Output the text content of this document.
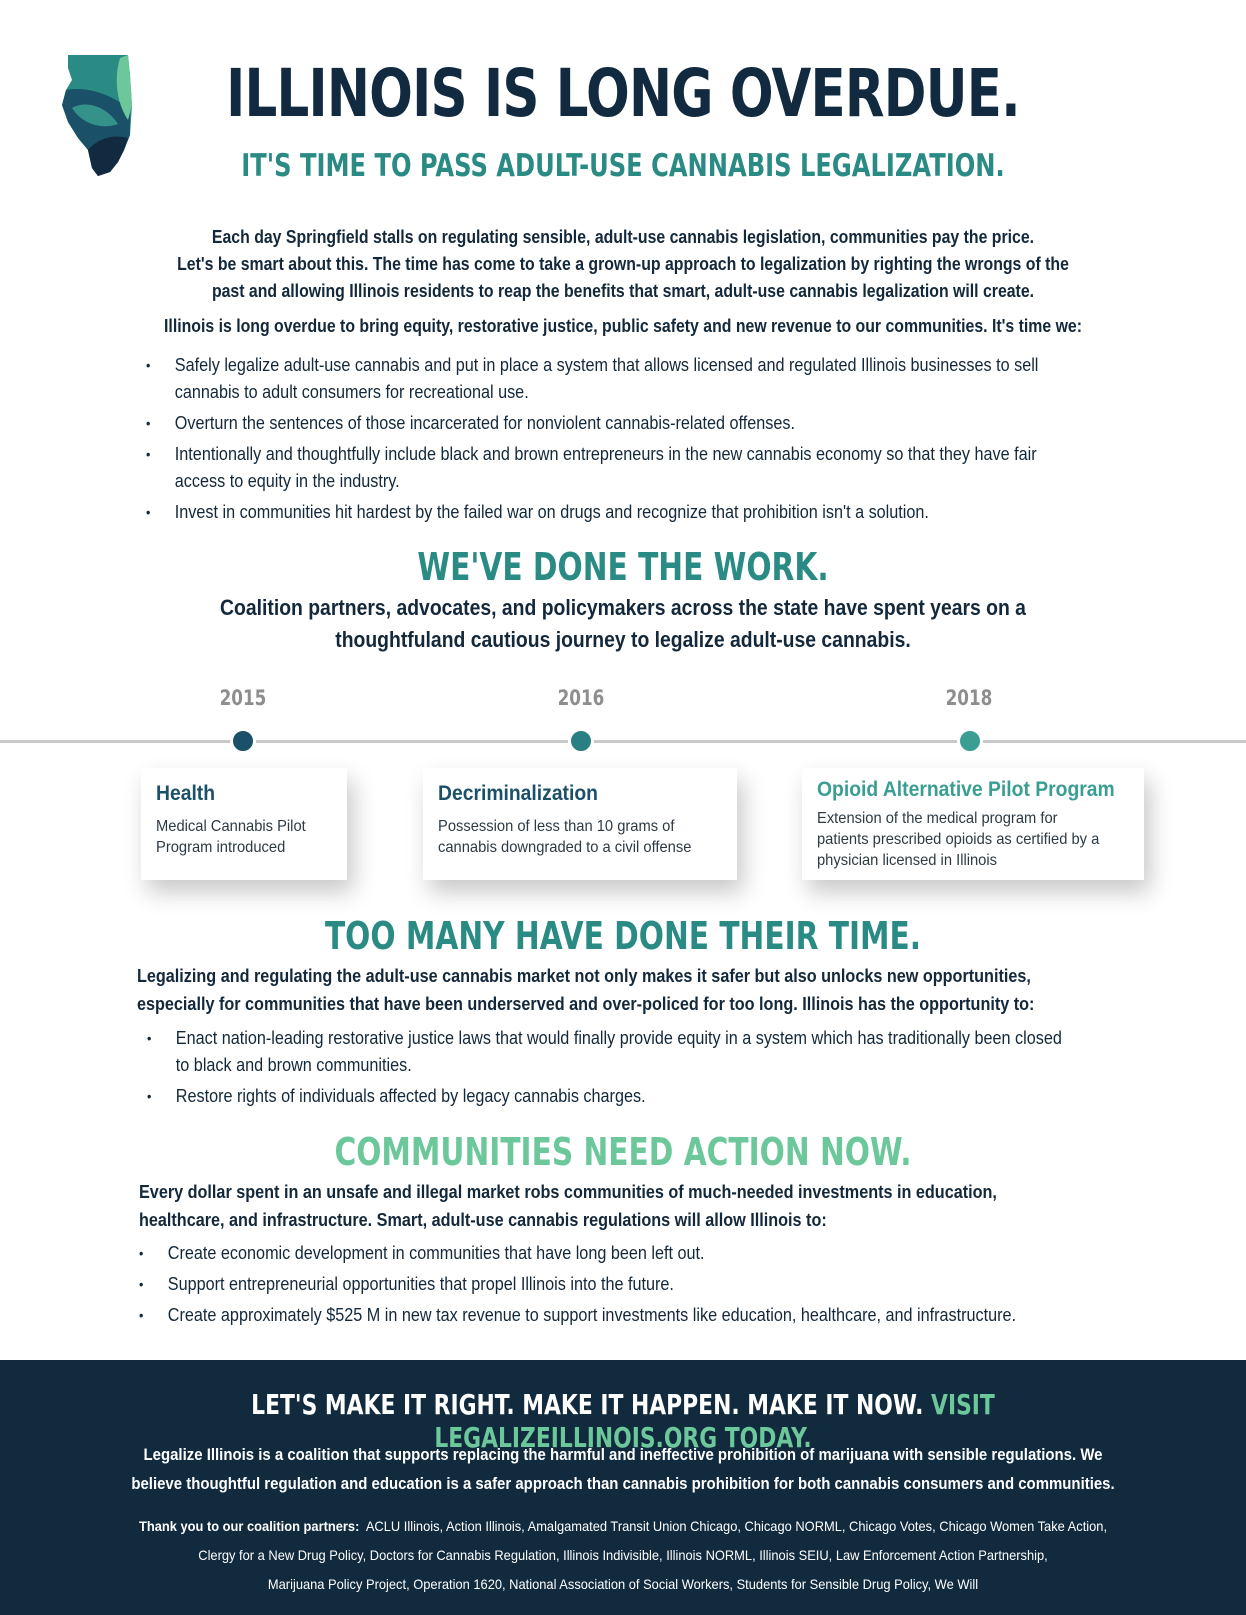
ILLINOIS IS LONG OVERDUE.
IT'S TIME TO PASS ADULT-USE CANNABIS LEGALIZATION.
Each day Springfield stalls on regulating sensible, adult-use cannabis legislation, communities pay the price.
Let's be smart about this. The time has come to take a grown-up approach to legalization by righting the wrongs of the
past and allowing Illinois residents to reap the benefits that smart, adult-use cannabis legalization will create.
Illinois is long overdue to bring equity, restorative justice, public safety and new revenue to our communities. It's time we:
• Safely legalize adult-use cannabis and put in place a system that allows licensed and regulated Illinois businesses to sell cannabis to adult consumers for recreational use.
• Overturn the sentences of those incarcerated for nonviolent cannabis-related offenses.
• Intentionally and thoughtfully include black and brown entrepreneurs in the new cannabis economy so that they have fair access to equity in the industry.
• Invest in communities hit hardest by the failed war on drugs and recognize that prohibition isn't a solution.
WE'VE DONE THE WORK.
Coalition partners, advocates, and policymakers across the state have spent years on a
thoughtfuland cautious journey to legalize adult-use cannabis.
2015	2016	2018
Health
Medical Cannabis Pilot Program introduced
Decriminalization
Possession of less than 10 grams of cannabis downgraded to a civil offense
Opioid Alternative Pilot Program
Extension of the medical program for patients prescribed opioids as certified by a physician licensed in Illinois
TOO MANY HAVE DONE THEIR TIME.
Legalizing and regulating the adult-use cannabis market not only makes it safer but also unlocks new opportunities, especially for communities that have been underserved and over-policed for too long. Illinois has the opportunity to:
• Enact nation-leading restorative justice laws that would finally provide equity in a system which has traditionally been closed to black and brown communities.
• Restore rights of individuals affected by legacy cannabis charges.
COMMUNITIES NEED ACTION NOW.
Every dollar spent in an unsafe and illegal market robs communities of much-needed investments in education, healthcare, and infrastructure. Smart, adult-use cannabis regulations will allow Illinois to:
• Create economic development in communities that have long been left out.
• Support entrepreneurial opportunities that propel Illinois into the future.
• Create approximately $525 M in new tax revenue to support investments like education, healthcare, and infrastructure.
LET'S MAKE IT RIGHT. MAKE IT HAPPEN. MAKE IT NOW. VISIT LEGALIZEILLINOIS.ORG TODAY.
Legalize Illinois is a coalition that supports replacing the harmful and ineffective prohibition of marijuana with sensible regulations. We
believe thoughtful regulation and education is a safer approach than cannabis prohibition for both cannabis consumers and communities.
Thank you to our coalition partners: ACLU Illinois, Action Illinois, Amalgamated Transit Union Chicago, Chicago NORML, Chicago Votes, Chicago Women Take Action,
Clergy for a New Drug Policy, Doctors for Cannabis Regulation, Illinois Indivisible, Illinois NORML, Illinois SEIU, Law Enforcement Action Partnership,
Marijuana Policy Project, Operation 1620, National Association of Social Workers, Students for Sensible Drug Policy, We Will
